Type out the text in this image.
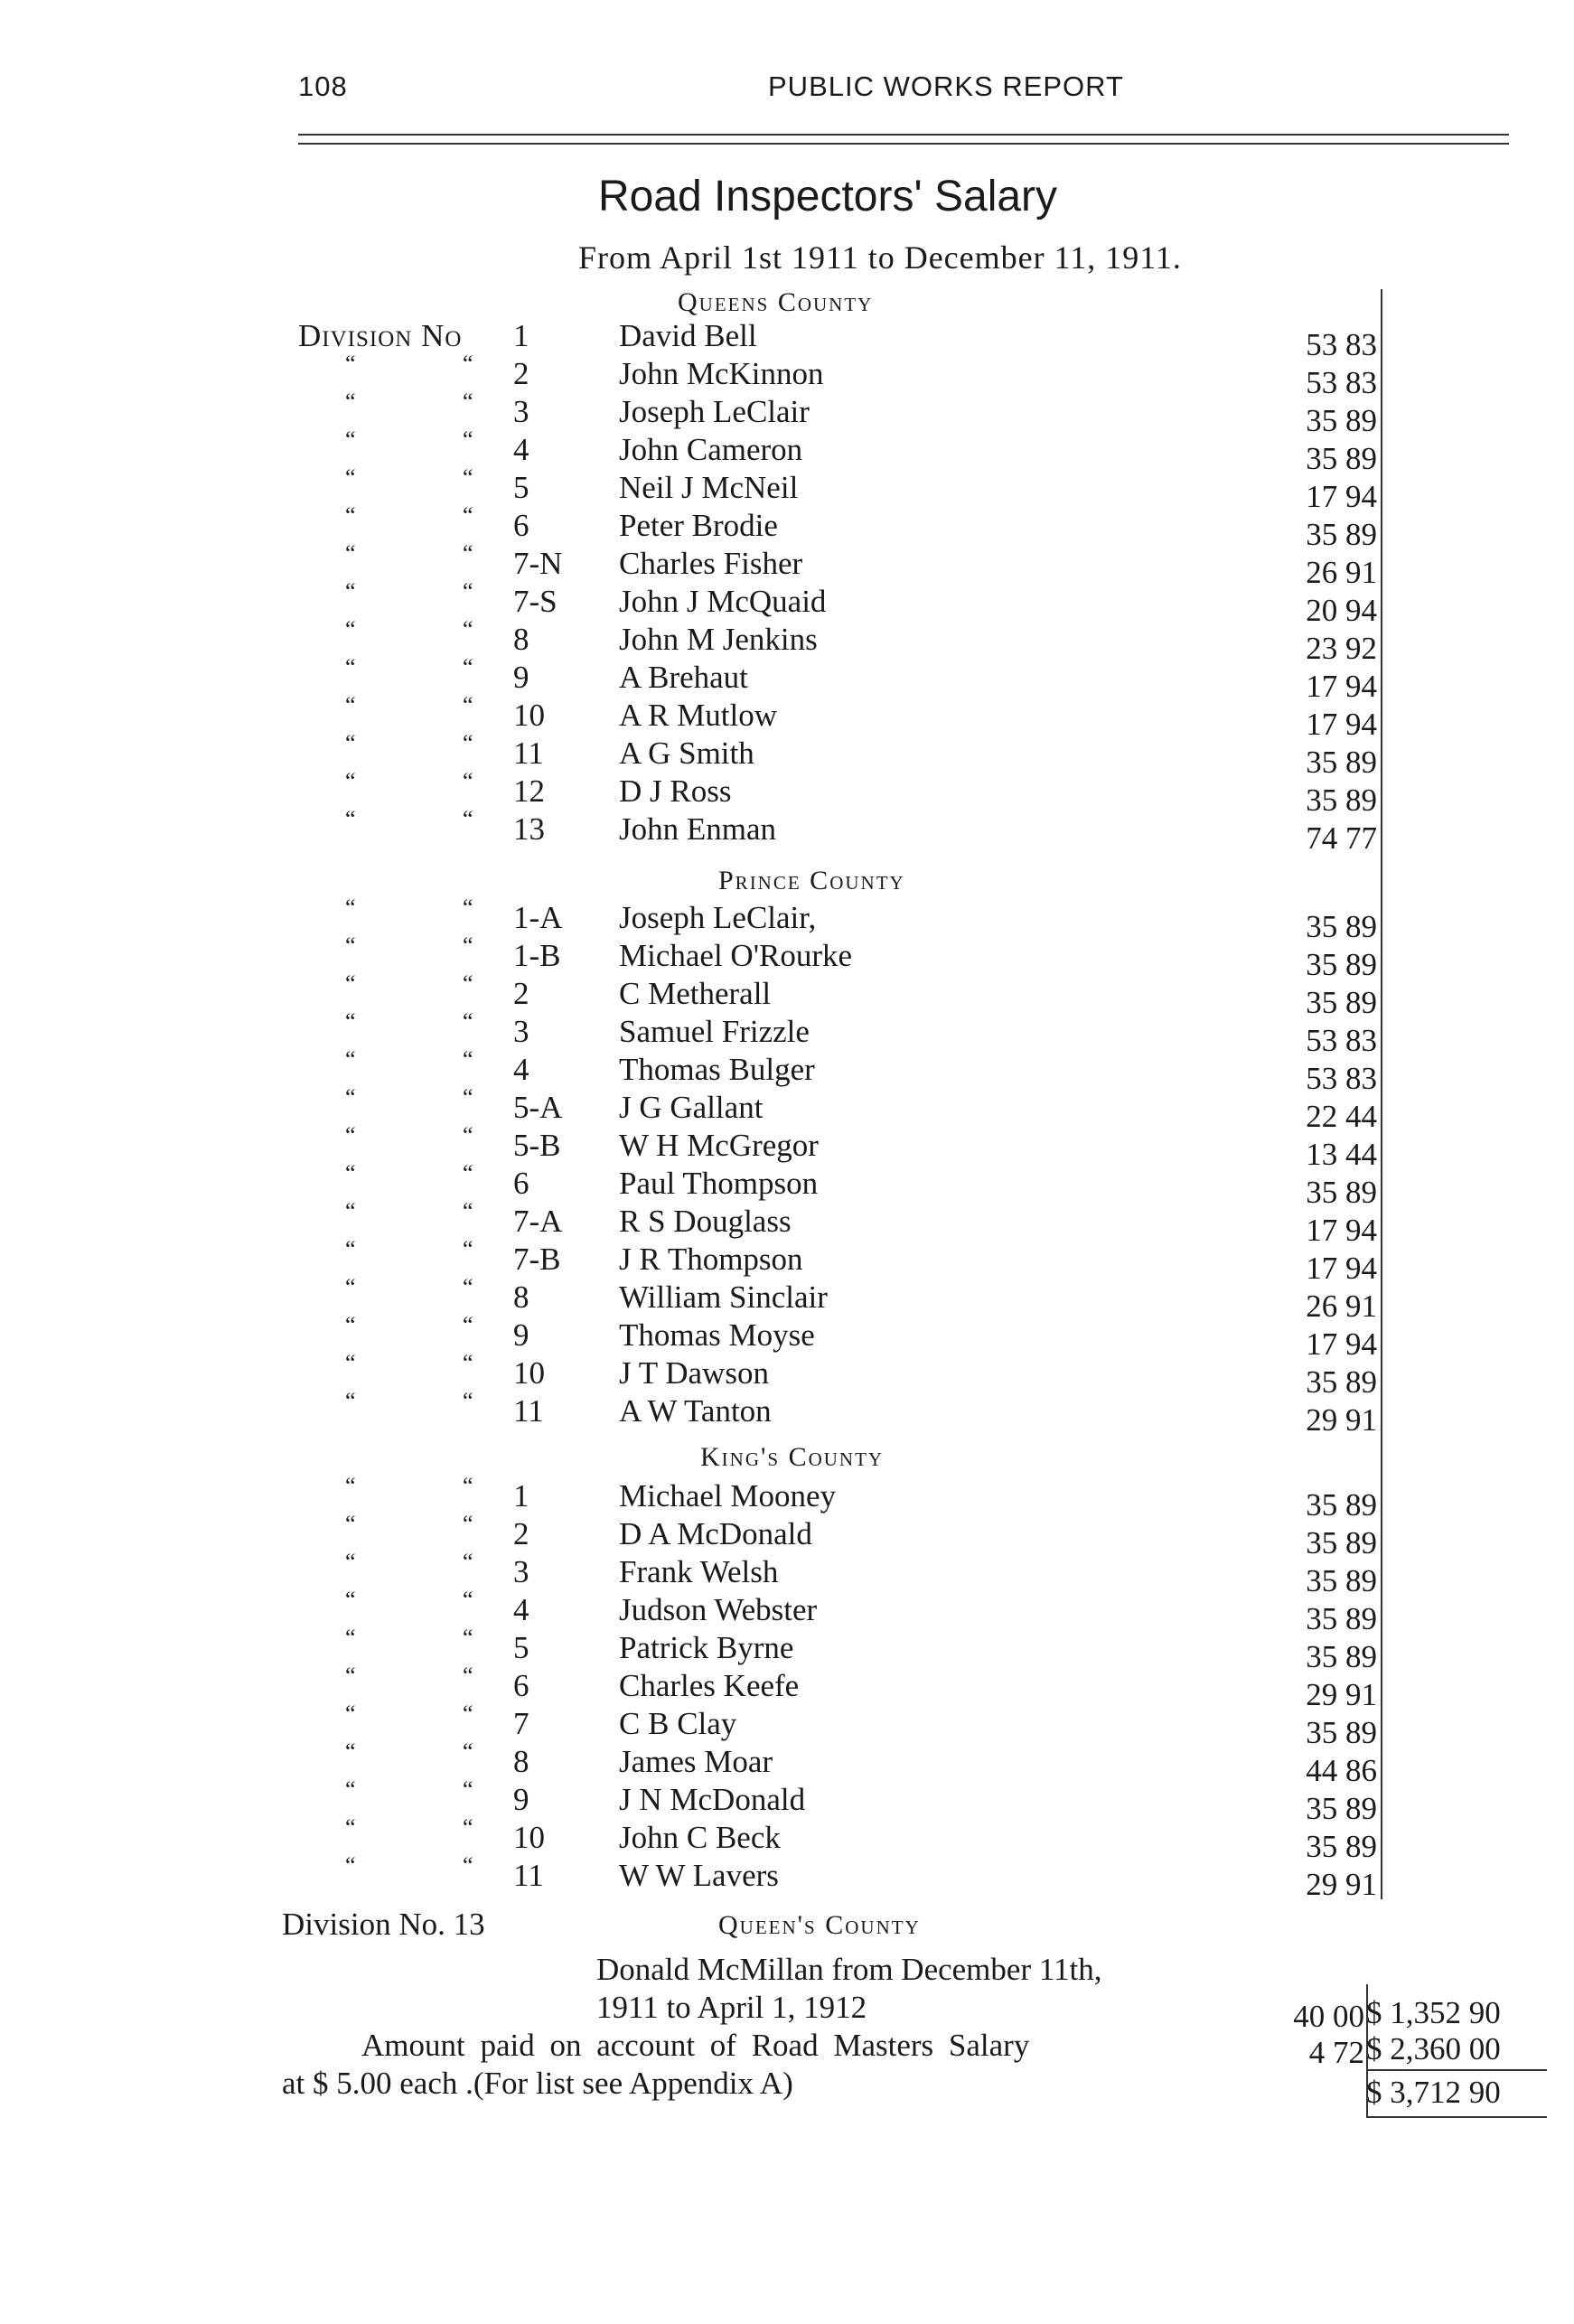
108	PUBLIC WORKS REPORT
Road Inspectors' Salary
From April 1st 1911 to December 11, 1911.
Queens County
Division No 1	David Bell	53 83
“	“ 2	John McKinnon	53 83
“	“ 3	Joseph LeClair	35 89
“	“ 4	John Cameron	35 89
“	“ 5	Neil J McNeil	17 94
“	“ 6	Peter Brodie	35 89
“	“ 7-N Charles Fisher	26 91
“	“ 7-S John J McQuaid	20 94
“	“ 8	John M Jenkins	23 92
“	“ 9	A Brehaut	17 94
“	“ 10 A R Mutlow	17 94
“	“ 11 A G Smith	35 89
“	“ 12 D J Ross	35 89
“	“ 13 John Enman	74 77
Prince County
“	“ 1-A Joseph LeClair,	35 89
“	“ 1-B Michael O'Rourke	35 89
“	“ 2	C Metherall	35 89
“	“ 3	Samuel Frizzle	53 83
“	“ 4	Thomas Bulger	53 83
“	“ 5-A J G Gallant	22 44
“	“ 5-B W H McGregor	13 44
“	“ 6	Paul Thompson	35 89
“	“ 7-A R S Douglass	17 94
“	“ 7-B J R Thompson	17 94
“	“ 8	William Sinclair	26 91
“	“ 9	Thomas Moyse	17 94
“	“ 10 J T Dawson	35 89
“	“ 11 A W Tanton	29 91
King's County
“	“ 1	Michael Mooney	35 89
“	“ 2	D A McDonald	35 89
“	“ 3	Frank Welsh	35 89
“	“ 4	Judson Webster	35 89
“	“ 5	Patrick Byrne	35 89
“	“ 6	Charles Keefe	29 91
“	“ 7	C B Clay	35 89
“	“ 8	James Moar	44 86
“	“ 9	J N McDonald	35 89
“	“ 10 John C Beck	35 89
“	“ 11 W W Lavers	29 91
Division No. 13	Queen's County
Donald McMillan from December 11th,
1911 to April 1, 1912	40 00 $ 1,352 90
Amount paid on account of Road Masters Salary	4 72 $ 2,360 00
at $ 5.00 each .(For list see Appendix A)	$ 3,712 90
